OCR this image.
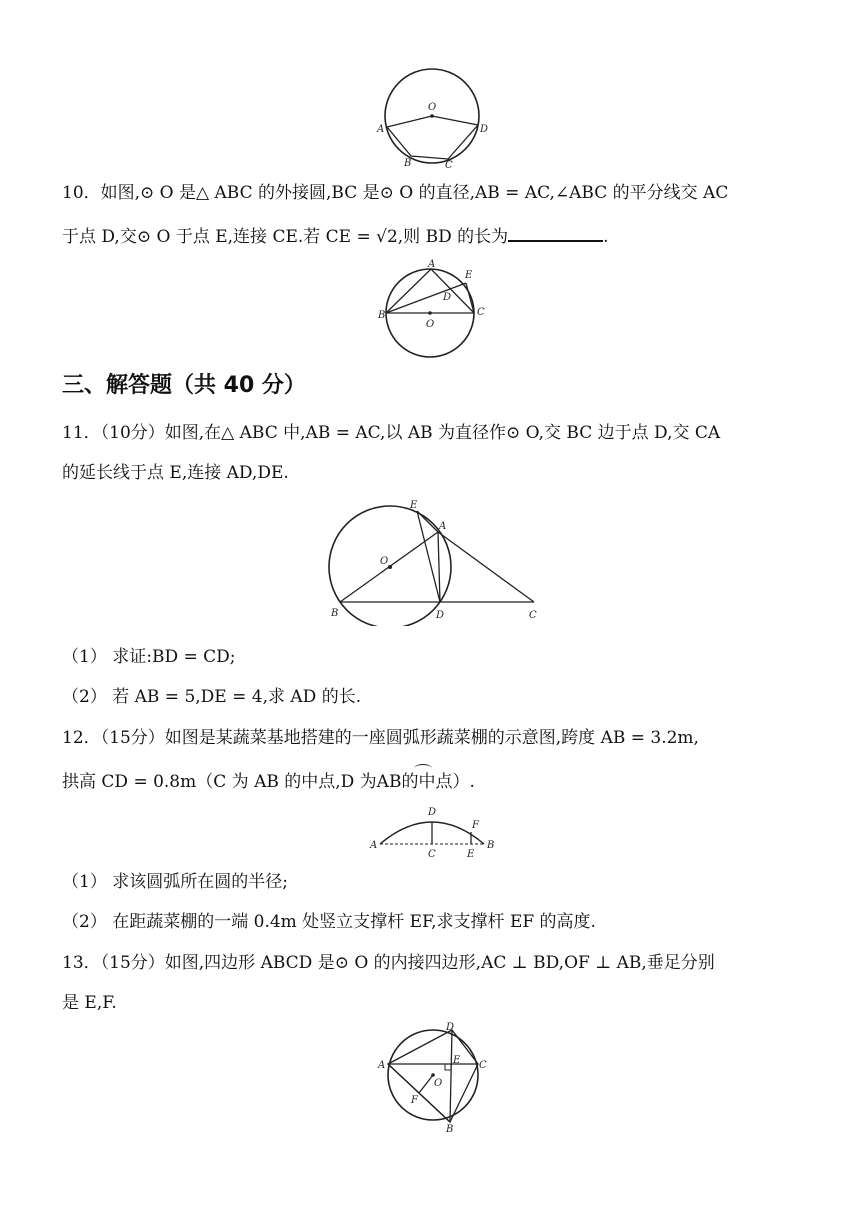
O
A
B	C
D
10．如图,⊙ O 是△ ABC 的外接圆,BC 是⊙ O 的直径,AB = AC,∠ABC 的平分线交 AC
于点 D,交⊙ O 于点 E,连接 CE.若 CE = √2,则 BD 的长为	.
A
E
D
B
O
C
三、解答题（共 40 分）
11．（10分）如图,在△ ABC 中,AB = AC,以 AB 为直径作⊙ O,交 BC 边于点 D,交 CA
的延长线于点 E,连接 AD,DE.
E
A
O
B	D	C
（1） 求证:BD = CD;
（2） 若 AB = 5,DE = 4,求 AD 的长.
12．（15分）如图是某蔬菜基地搭建的一座圆弧形蔬菜棚的示意图,跨度 AB = 3.2m,
拱高 CD = 0.8m（C 为 AB 的中点,D 为AB的中点）.
D
F
A
C	E
B
（1） 求该圆弧所在圆的半径;
（2） 在距蔬菜棚的一端 0.4m 处竖立支撑杆 EF,求支撑杆 EF 的高度.
13．（15分）如图,四边形 ABCD 是⊙ O 的内接四边形,AC ⊥ BD,OF ⊥ AB,垂足分别
是 E,F.
D
A	E C
O
F
B
